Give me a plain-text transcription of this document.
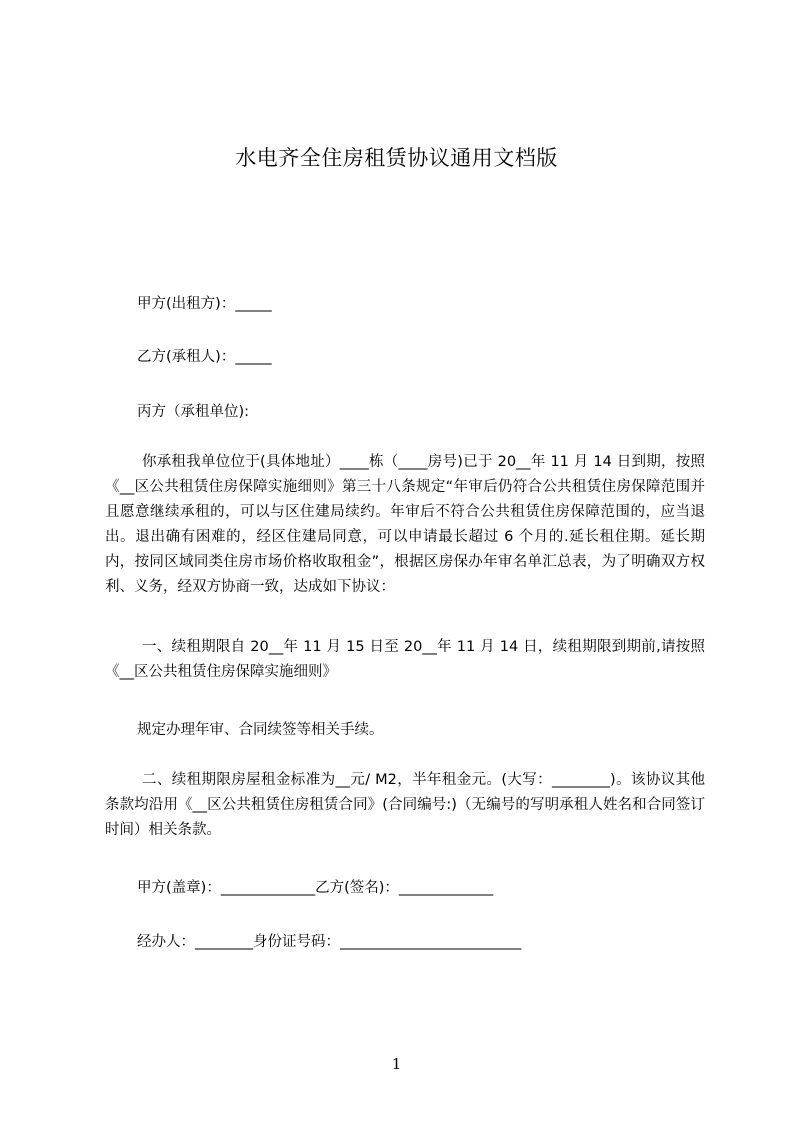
水电齐全住房租赁协议通用文档版
甲方(出租方)：_____
乙方(承租人)：_____
丙方（承租单位):
你承租我单位位于(具体地址）____栋（____房号)已于 20__年 11 月 14 日到期，按照《__区公共租赁住房保障实施细则》第三十八条规定“年审后仍符合公共租赁住房保障范围并且愿意继续承租的，可以与区住建局续约。年审后不符合公共租赁住房保障范围的，应当退出。退出确有困难的，经区住建局同意，可以申请最长超过 6 个月的.延长租住期。延长期内，按同区域同类住房市场价格收取租金”，根据区房保办年审名单汇总表，为了明确双方权利、义务，经双方协商一致，达成如下协议：
一、续租期限自 20__年 11 月 15 日至 20__年 11 月 14 日，续租期限到期前,请按照《__区公共租赁住房保障实施细则》
规定办理年审、合同续签等相关手续。
二、续租期限房屋租金标准为__元/ M2，半年租金元。(大写：________)。该协议其他条款均沿用《__区公共租赁住房租赁合同》(合同编号:)（无编号的写明承租人姓名和合同签订时间）相关条款。
甲方(盖章)：_____________乙方(签名)：_____________
经办人：________身份证号码：_________________________
1
